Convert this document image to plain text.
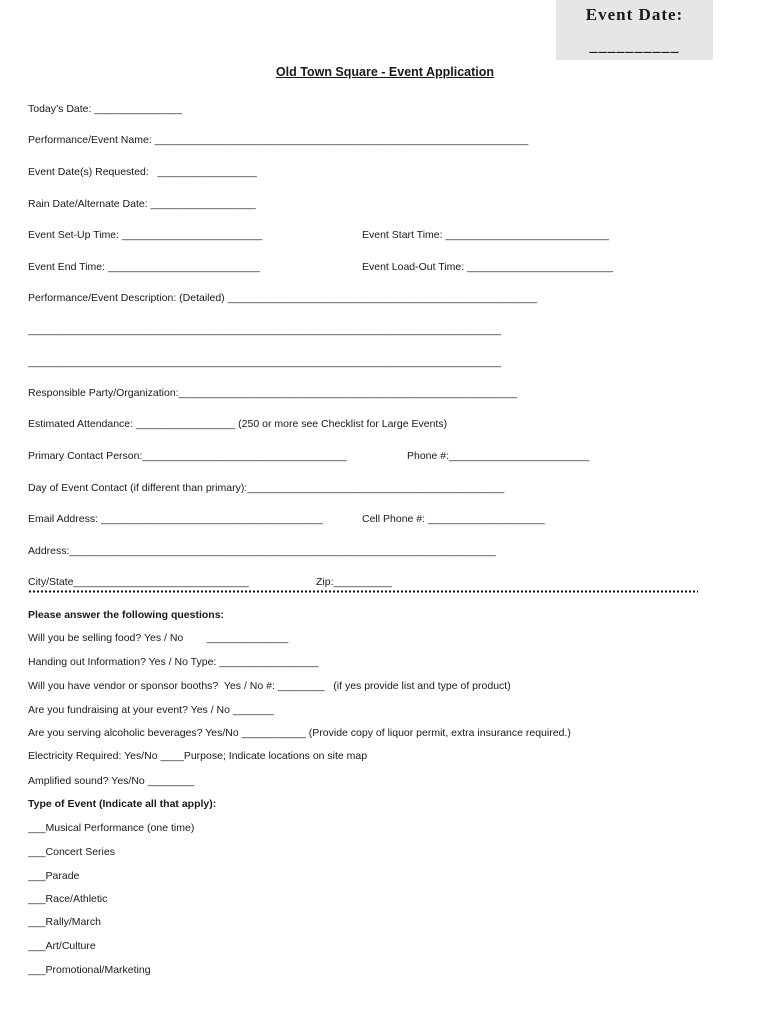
Event Date:
__________
Old Town Square - Event Application
Today’s Date: _______________
Performance/Event Name: ________________________________________________________________
Event Date(s) Requested:   _________________
Rain Date/Alternate Date: __________________
Event Set-Up Time: ________________________	Event Start Time: ____________________________
Event End Time: __________________________	Event Load-Out Time: _________________________
Performance/Event Description: (Detailed) _____________________________________________________
_________________________________________________________________________________
_________________________________________________________________________________
Responsible Party/Organization:__________________________________________________________
Estimated Attendance: _________________ (250 or more see Checklist for Large Events)
Primary Contact Person:___________________________________	Phone #:________________________
Day of Event Contact (if different than primary):____________________________________________
Email Address: ______________________________________	Cell Phone #: ____________________
Address:_________________________________________________________________________
City/State______________________________	Zip:__________
Please answer the following questions:
Will you be selling food? Yes / No        ______________
Handing out Information? Yes / No Type: _________________
Will you have vendor or sponsor booths?  Yes / No #: ________   (if yes provide list and type of product)
Are you fundraising at your event? Yes / No _______
Are you serving alcoholic beverages? Yes/No ___________ (Provide copy of liquor permit, extra insurance required.)
Electricity Required: Yes/No ____Purpose; Indicate locations on site map
Amplified sound? Yes/No ________
Type of Event (Indicate all that apply):
___Musical Performance (one time)
___Concert Series
___Parade
___Race/Athletic
___Rally/March
___Art/Culture
___Promotional/Marketing
